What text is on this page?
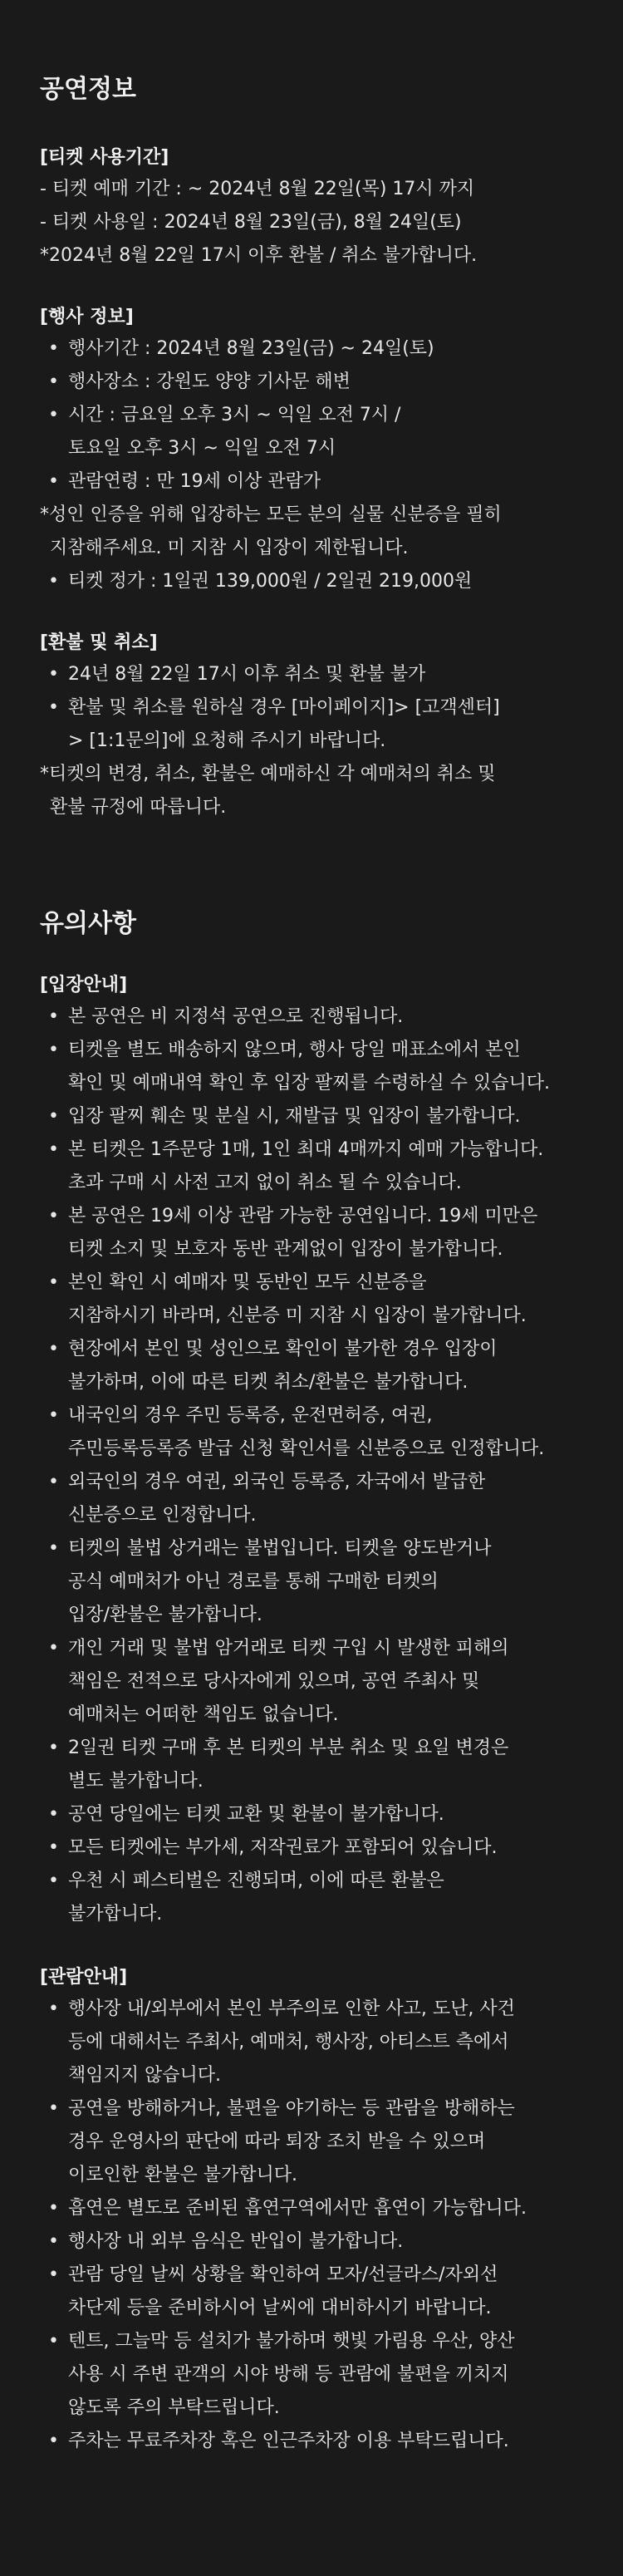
공연정보
[티켓 사용기간]

- 티켓 예매 기간 : ~ 2024년 8월 22일(목) 17시 까지

- 티켓 사용일 : 2024년 8월 23일(금), 8월 24일(토)

*2024년 8월 22일 17시 이후 환불 / 취소 불가합니다.

[행사 정보]
• 행사기간 : 2024년 8월 23일(금) ~ 24일(토)
• 행사장소 : 강원도 양양 기사문 해변
• 시간 : 금요일 오후 3시 ~ 익일 오전 7시 /
토요일 오후 3시 ~ 익일 오전 7시
• 관람연령 : 만 19세 이상 관람가

*성인 인증을 위해 입장하는 모든 분의 실물 신분증을 필히
지참해주세요. 미 지참 시 입장이 제한됩니다.

• 티켓 정가 : 1일권 139,000원 / 2일권 219,000원
[환불 및 취소]
• 24년 8월 22일 17시 이후 취소 및 환불 불가
• 환불 및 취소를 원하실 경우 [마이페이지]> [고객센터]
> [1:1문의]에 요청해 주시기 바랍니다.

*티켓의 변경, 취소, 환불은 예매하신 각 예매처의 취소 및
환불 규정에 따릅니다.

유의사항
[입장안내]
• 본 공연은 비 지정석 공연으로 진행됩니다.
• 티켓을 별도 배송하지 않으며, 행사 당일 매표소에서 본인
확인 및 예매내역 확인 후 입장 팔찌를 수령하실 수 있습니다.
• 입장 팔찌 훼손 및 분실 시, 재발급 및 입장이 불가합니다.
• 본 티켓은 1주문당 1매, 1인 최대 4매까지 예매 가능합니다.
초과 구매 시 사전 고지 없이 취소 될 수 있습니다.
• 본 공연은 19세 이상 관람 가능한 공연입니다. 19세 미만은
티켓 소지 및 보호자 동반 관계없이 입장이 불가합니다.
• 본인 확인 시 예매자 및 동반인 모두 신분증을
지참하시기 바라며, 신분증 미 지참 시 입장이 불가합니다.
• 현장에서 본인 및 성인으로 확인이 불가한 경우 입장이
불가하며, 이에 따른 티켓 취소/환불은 불가합니다.
• 내국인의 경우 주민 등록증, 운전면허증, 여권,
주민등록등록증 발급 신청 확인서를 신분증으로 인정합니다.
• 외국인의 경우 여권, 외국인 등록증, 자국에서 발급한
신분증으로 인정합니다.
• 티켓의 불법 상거래는 불법입니다. 티켓을 양도받거나
공식 예매처가 아닌 경로를 통해 구매한 티켓의
입장/환불은 불가합니다.
• 개인 거래 및 불법 암거래로 티켓 구입 시 발생한 피해의
책임은 전적으로 당사자에게 있으며, 공연 주최사 및
예매처는 어떠한 책임도 없습니다.
• 2일권 티켓 구매 후 본 티켓의 부분 취소 및 요일 변경은
별도 불가합니다.
• 공연 당일에는 티켓 교환 및 환불이 불가합니다.
• 모든 티켓에는 부가세, 저작권료가 포함되어 있습니다.
• 우천 시 페스티벌은 진행되며, 이에 따른 환불은
불가합니다.
[관람안내]
• 행사장 내/외부에서 본인 부주의로 인한 사고, 도난, 사건
등에 대해서는 주최사, 예매처, 행사장, 아티스트 측에서
책임지지 않습니다.
• 공연을 방해하거나, 불편을 야기하는 등 관람을 방해하는
경우 운영사의 판단에 따라 퇴장 조치 받을 수 있으며
이로인한 환불은 불가합니다.
• 흡연은 별도로 준비된 흡연구역에서만 흡연이 가능합니다.
• 행사장 내 외부 음식은 반입이 불가합니다.
• 관람 당일 날씨 상황을 확인하여 모자/선글라스/자외선
차단제 등을 준비하시어 날씨에 대비하시기 바랍니다.
• 텐트, 그늘막 등 설치가 불가하며 햇빛 가림용 우산, 양산
사용 시 주변 관객의 시야 방해 등 관람에 불편을 끼치지
않도록 주의 부탁드립니다.
• 주차는 무료주차장 혹은 인근주차장 이용 부탁드립니다.
